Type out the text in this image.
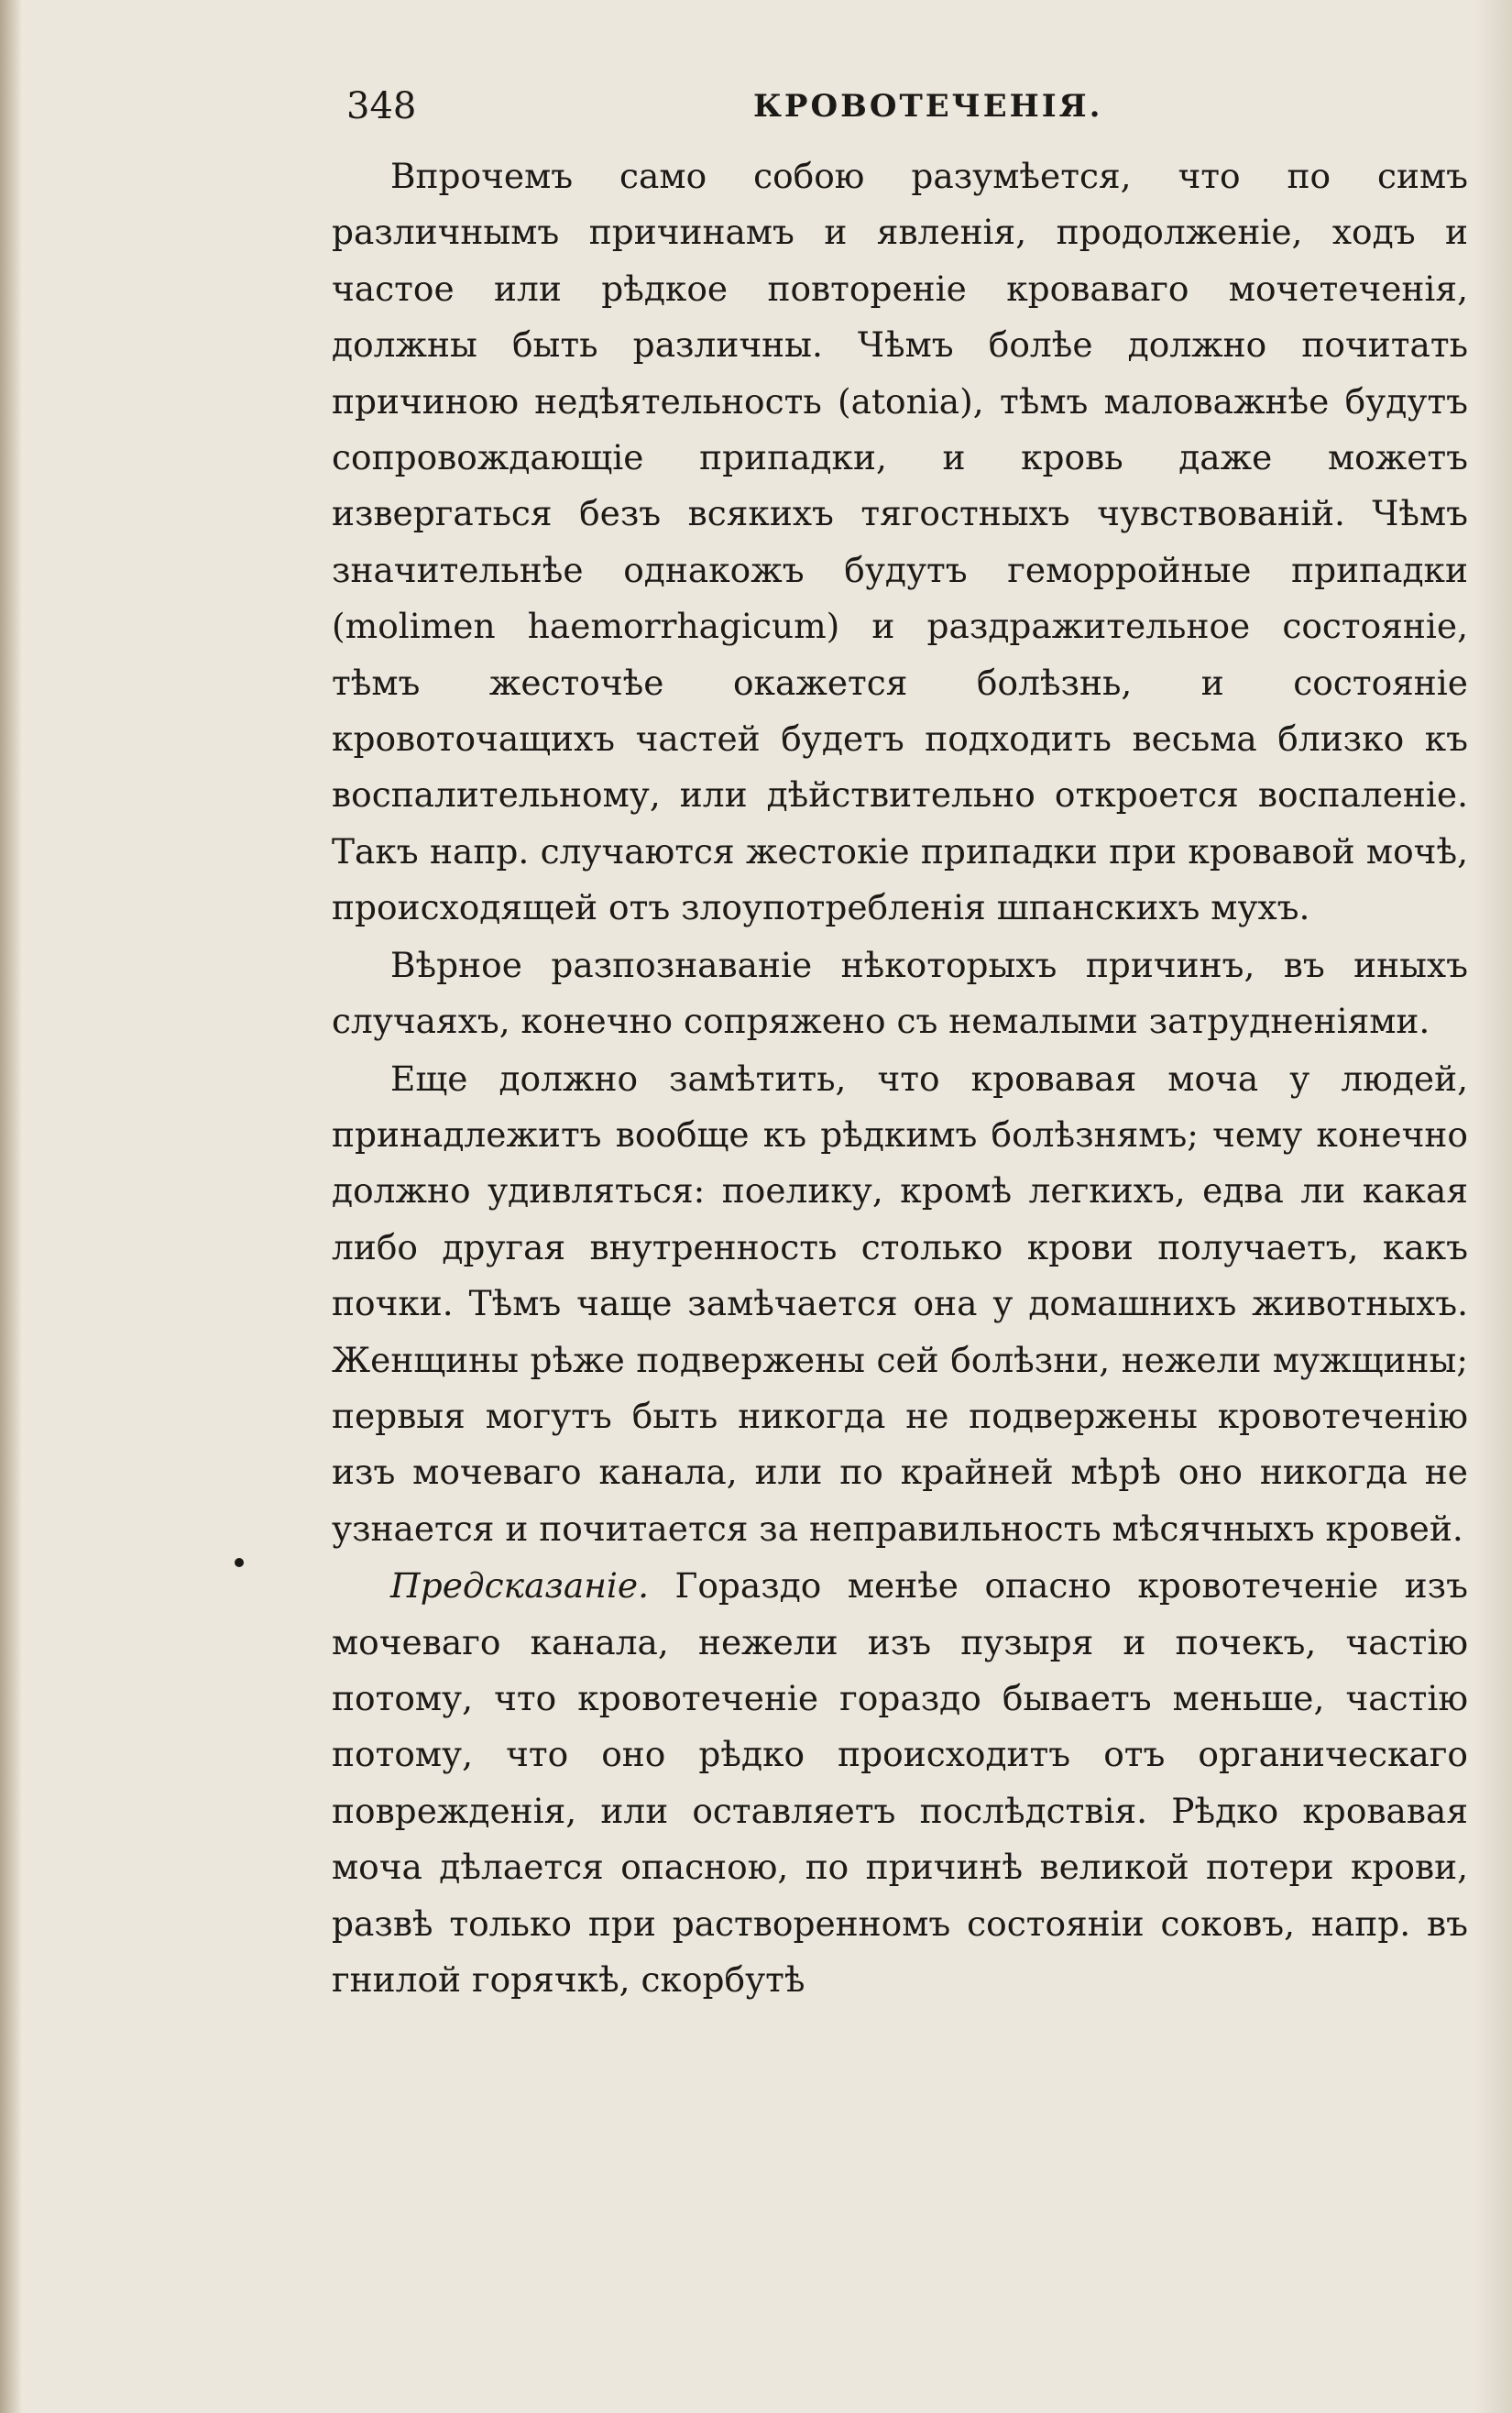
348	КРОВОТЕЧЕНІЯ.

Впрочемъ само собою разумѣется, что по симъ различнымъ причинамъ и явленія, продолженіе, ходъ и частое или рѣдкое повтореніе кроваваго мочетеченія, должны быть различны. Чѣмъ болѣе должно почитать причиною недѣятельность (atonia), тѣмъ маловажнѣе будутъ сопровождающіе припадки, и кровь даже можетъ извергаться безъ всякихъ тягостныхъ чувствованій. Чѣмъ значительнѣе однакожъ будутъ геморройные припадки (molimen haemorrhagicum) и раздражительное состояніе, тѣмъ жесточѣе окажется болѣзнь, и состояніе кровоточащихъ частей будетъ подходить весьма близко къ воспалительному, или дѣйствительно откроется воспаленіе. Такъ напр. случаются жестокіе припадки при кровавой мочѣ, происходящей отъ злоупотребленія шпанскихъ мухъ.

Вѣрное разпознаваніе нѣкоторыхъ причинъ, въ иныхъ случаяхъ, конечно сопряжено съ немалыми затрудненіями.

Еще должно замѣтить, что кровавая моча у людей, принадлежитъ вообще къ рѣдкимъ болѣзнямъ; чему конечно должно удивляться: поелику, кромѣ легкихъ, едва ли какая либо другая внутренность столько крови получаетъ, какъ почки. Тѣмъ чаще замѣчается она у домашнихъ животныхъ. Женщины рѣже подвержены сей болѣзни, нежели мужщины; первыя могутъ быть никогда не подвержены кровотеченію изъ мочеваго канала, или по крайней мѣрѣ оно никогда не узнается и почитается за неправильность мѣсячныхъ кровей.

Предсказаніе. Гораздо менѣе опасно кровотеченіе изъ мочеваго канала, нежели изъ пузыря и почекъ, частію потому, что кровотеченіе гораздо бываетъ меньше, частію потому, что оно рѣдко происходитъ отъ органическаго поврежденія, или оставляетъ послѣдствія. Рѣдко кровавая моча дѣлается опасною, по причинѣ великой потери крови, развѣ только при растворенномъ состояніи соковъ, напр. въ гнилой горячкѣ, скорбутѣ
